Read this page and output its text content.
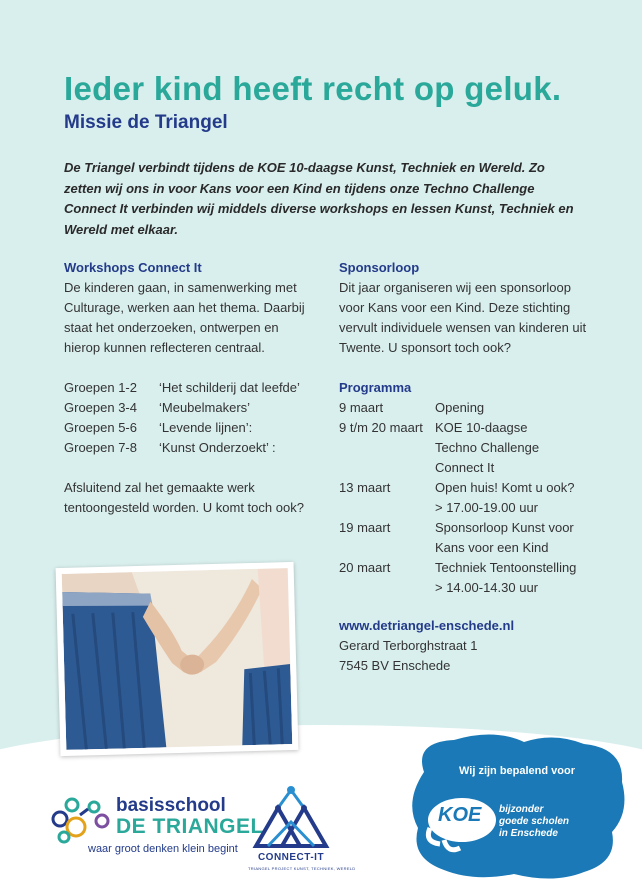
Ieder kind heeft recht op geluk.
Missie de Triangel
De Triangel verbindt tijdens de KOE 10-daagse Kunst, Techniek en Wereld. Zo zetten wij ons in voor Kans voor een Kind en tijdens onze Techno Challenge Connect It verbinden wij middels diverse workshops en lessen Kunst, Techniek en Wereld met elkaar.
Workshops Connect It

De kinderen gaan, in samenwerking met Culturage, werken aan het thema. Daarbij staat het onderzoeken, ontwerpen en hierop kunnen reflecteren centraal.

Groepen 1-2	‘Het schilderij dat leefde’
Groepen 3-4	‘Meubelmakers’
Groepen 5-6	‘Levende lijnen’:
Groepen 7-8	‘Kunst Onderzoekt’ :

Afsluitend zal het gemaakte werk tentoongesteld worden. U komt toch ook?

Sponsorloop

Dit jaar organiseren wij een sponsorloop voor Kans voor een Kind. Deze stichting vervult individuele wensen van kinderen uit Twente. U sponsort toch ook?

Programma
9 maart	Opening
9 t/m 20 maart KOE 10-daagse
Techno Challenge
Connect It
13 maart	Open huis! Komt u ook?
> 17.00-19.00 uur
19 maart	Sponsorloop Kunst voor
Kans voor een Kind
20 maart	Techniek Tentoonstelling
> 14.00-14.30 uur
www.detriangel-enschede.nl
Gerard Terborghstraat 1
7545 BV Enschede
basisschool
DE TRIANGEL
waar groot denken klein begint
CONNECT-IT
TRIANGEL PROJECT KUNST, TECHNIEK, WERELD
Wij zijn bepalend voor
KOE bijzonder
goede scholen
in Enschede
